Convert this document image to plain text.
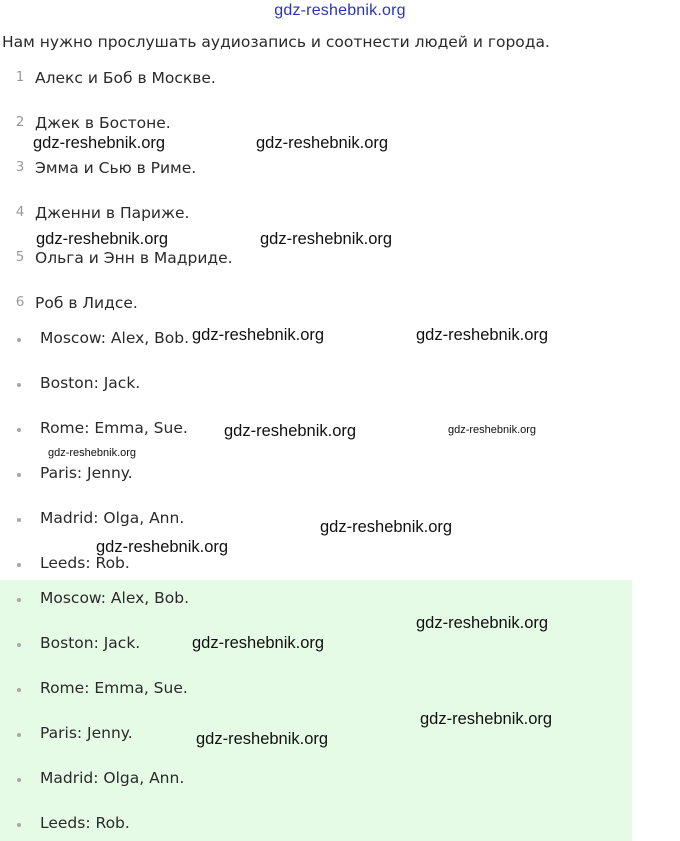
gdz-reshebnik.org
Нам нужно прослушать аудиозапись и соотнести людей и города.
1 Алекс и Боб в Москве.
2 Джек в Бостоне.
3 Эмма и Сью в Риме.
4 Дженни в Париже.
5 Ольга и Энн в Мадриде.
6 Роб в Лидсе.
Moscow: Alex, Bob.
Boston: Jack.
Rome: Emma, Sue.
Paris: Jenny.
Madrid: Olga, Ann.
Leeds: Rob.
Moscow: Alex, Bob.
Boston: Jack.
Rome: Emma, Sue.
Paris: Jenny.
Madrid: Olga, Ann.
Leeds: Rob.
gdz-reshebnik.org	gdz-reshebnik.org
gdz-reshebnik.org	gdz-reshebnik.org
gdz-reshebnik.org	gdz-reshebnik.org
gdz-reshebnik.org	gdz-reshebnik.org
gdz-reshebnik.org
gdz-reshebnik.org
gdz-reshebnik.org
gdz-reshebnik.org
gdz-reshebnik.org
gdz-reshebnik.org
gdz-reshebnik.org
